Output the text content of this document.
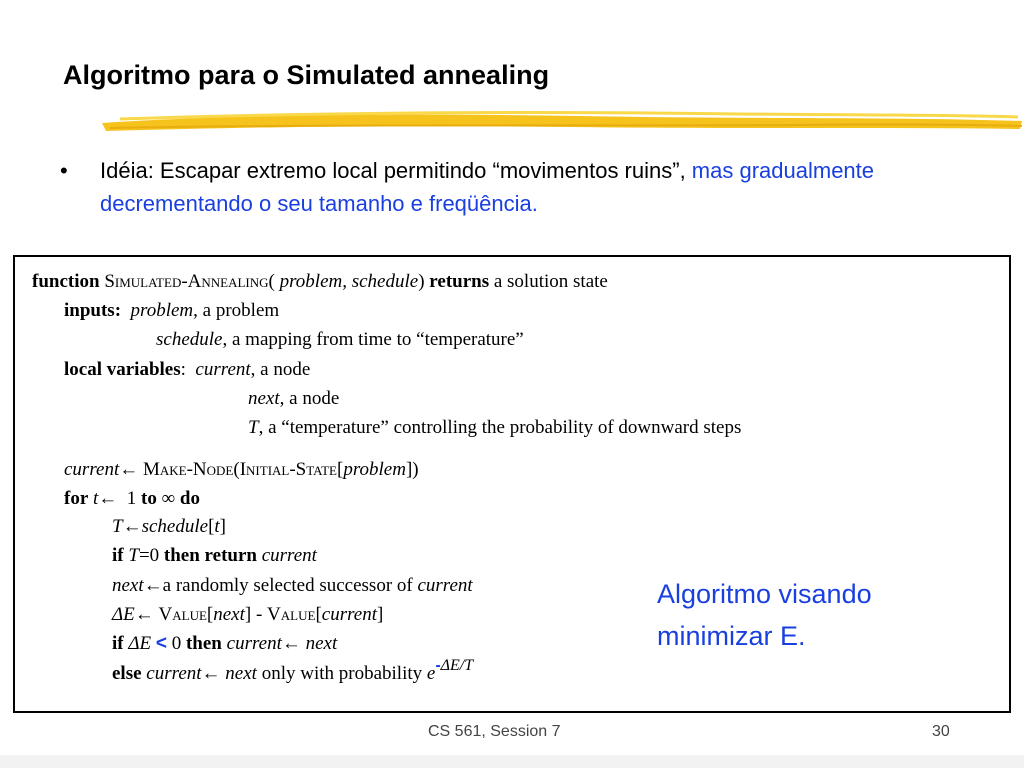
Algoritmo para o Simulated annealing
• Idéia: Escapar extremo local permitindo “movimentos ruins”, mas gradualmente decrementando o seu tamanho e freqüência.
function Simulated-Annealing( problem, schedule) returns a solution state
inputs: problem, a problem
schedule, a mapping from time to “temperature”
local variables: current, a node
next, a node
T, a “temperature” controlling the probability of downward steps
current← Make-Node(Initial-State[problem])
for t← 1 to ∞ do
T←schedule[t]
if T=0 then return current
next←a randomly selected successor of current
ΔE← Value[next] - Value[current]
if ΔE < 0 then current← next
else current← next only with probability $e^{-\Delta E/T}$
Algoritmo visando
minimizar E.
CS 561, Session 7	30
